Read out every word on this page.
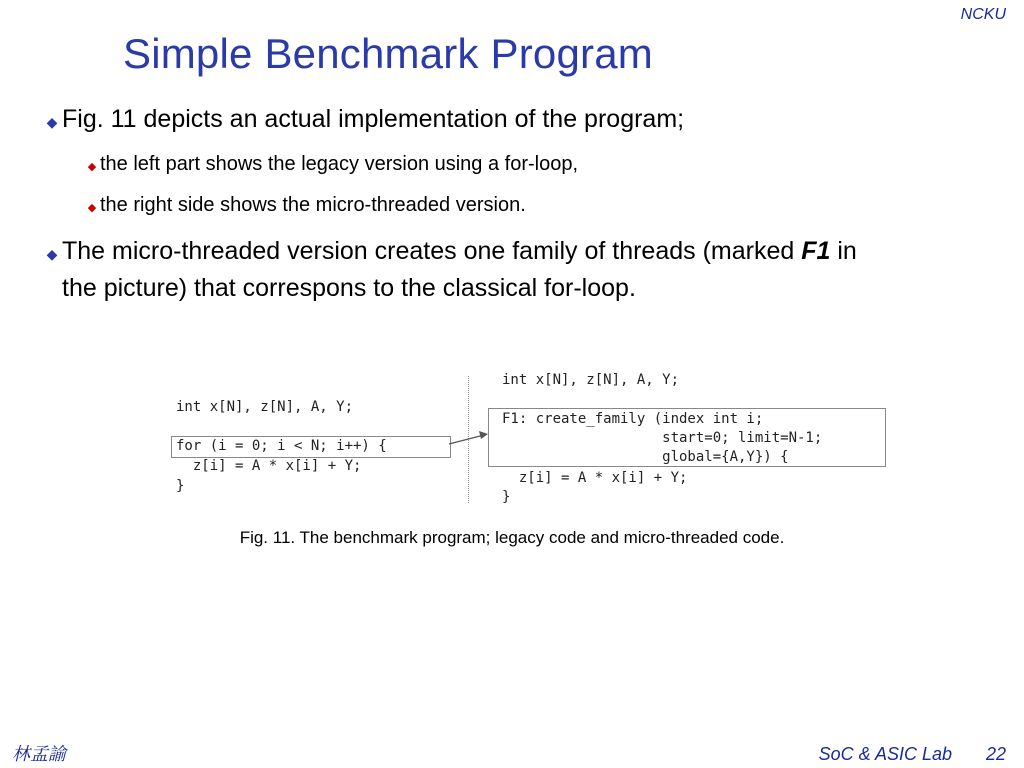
NCKU
Simple Benchmark Program
◆ Fig. 11 depicts an actual implementation of the program;
◆ the left part shows the legacy version using a for-loop,
◆ the right side shows the micro-threaded version.
◆ The micro-threaded version creates one family of threads (marked F1 in
the picture) that correspons to the classical for-loop.
int x[N], z[N], A, Y;
for (i = 0; i < N; i++) {
z[i] = A * x[i] + Y;
}
int x[N], z[N], A, Y;
F1: create_family (index int i;
start=0; limit=N-1;
global={A,Y}) {
z[i] = A * x[i] + Y;
}
Fig. 11. The benchmark program; legacy code and micro-threaded code.
林孟諭	SoC & ASIC Lab 22
